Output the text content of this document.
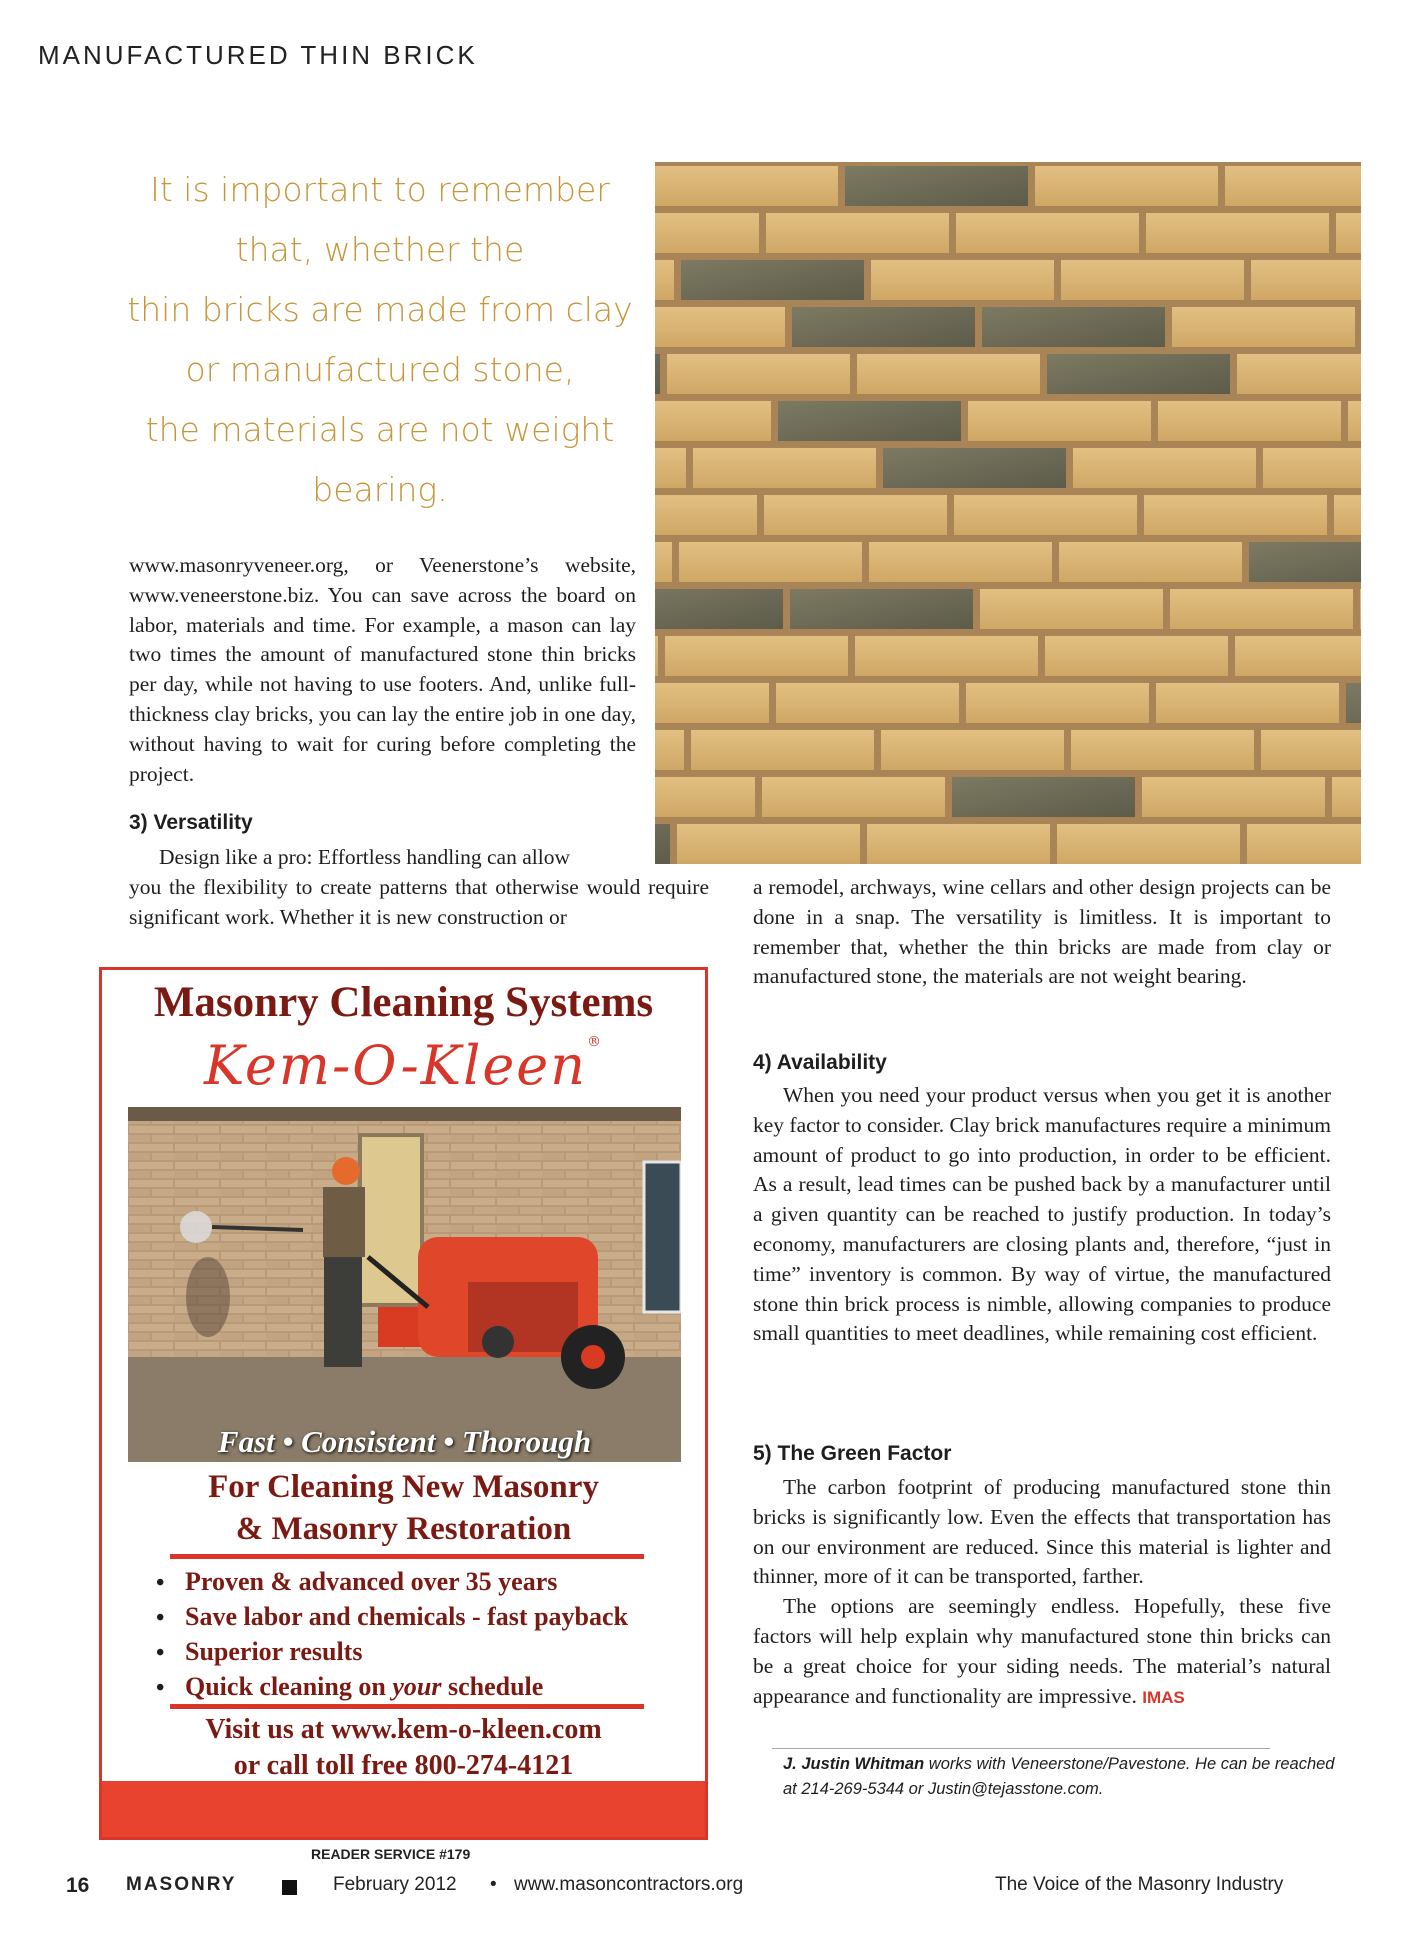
MANUFACTURED THIN BRICK
It is important to remember
that, whether the
thin bricks are made from clay
or manufactured stone,
the materials are not weight
bearing.

www.masonryveneer.org, or Veenerstone’s website, www.veneerstone.biz. You can save across the board on labor, materials and time. For example, a mason can lay two times the amount of manufactured stone thin bricks per day, while not having to use footers. And, unlike full-thickness clay bricks, you can lay the entire job in one day, without having to wait for curing before completing the project.

3) Versatility

Design like a pro: Effortless handling can allow

you the flexibility to create patterns that otherwise would require significant work. Whether it is new construction or

a remodel, archways, wine cellars and other design projects can be done in a snap. The versatility is limitless. It is important to remember that, whether the thin bricks are made from clay or manufactured stone, the materials are not weight bearing.

4) Availability

When you need your product versus when you get it is another key factor to consider. Clay brick manufactures require a minimum amount of product to go into production, in order to be efficient. As a result, lead times can be pushed back by a manufacturer until a given quantity can be reached to justify production. In today’s economy, manufacturers are closing plants and, therefore, “just in time” inventory is common. By way of virtue, the manufactured stone thin brick process is nimble, allowing companies to produce small quantities to meet deadlines, while remaining cost efficient.

5) The Green Factor

The carbon footprint of producing manufactured stone thin bricks is significantly low. Even the effects that transportation has on our environment are reduced. Since this material is lighter and thinner, more of it can be transported, farther.

The options are seemingly endless. Hopefully, these five factors will help explain why manufactured stone thin bricks can be a great choice for your siding needs. The material’s natural appearance and functionality are impressive. IMAS

J. Justin Whitman works with Veneerstone/Pavestone. He can be reached at 214-269-5344 or Justin@tejasstone.com.
Masonry Cleaning Systems
Kem-O-Kleen®
Fast • Consistent • Thorough
For Cleaning New Masonry
& Masonry Restoration
• Proven & advanced over 35 years
• Save labor and chemicals - fast payback
• Superior results
• Quick cleaning on your schedule
Visit us at www.kem-o-kleen.com
or call toll free 800-274-4121
READER SERVICE #179
16 MASONRY	February 2012 • www.masoncontractors.org	The Voice of the Masonry Industry
